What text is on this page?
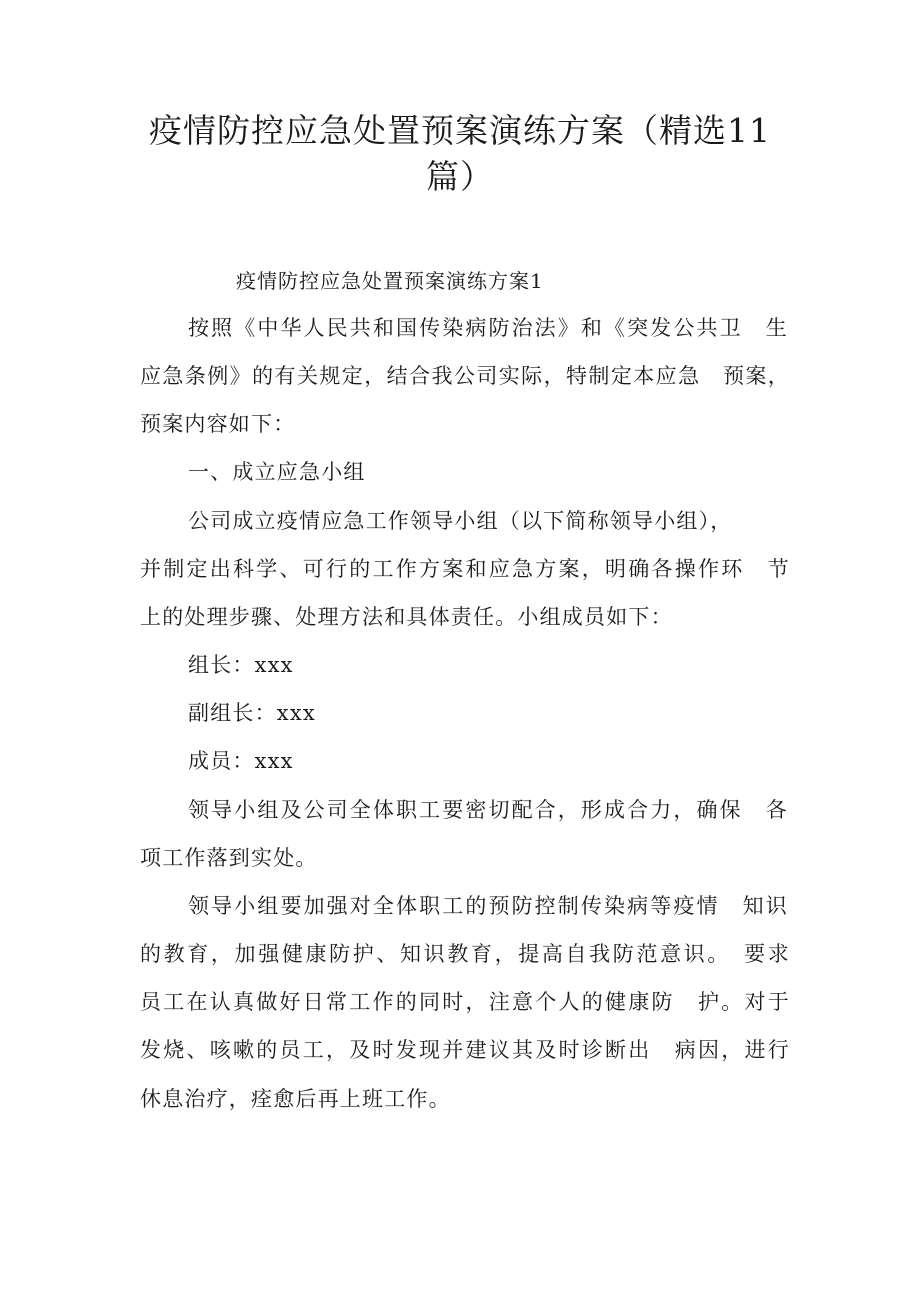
疫情防控应急处置预案演练方案（精选11
篇）
疫情防控应急处置预案演练方案1
按照《中华人民共和国传染病防治法》和《突发公共卫　生
应急条例》的有关规定，结合我公司实际，特制定本应急　预案，
预案内容如下：
一、成立应急小组
公司成立疫情应急工作领导小组（以下简称领导小组），
并制定出科学、可行的工作方案和应急方案，明确各操作环　节
上的处理步骤、处理方法和具体责任。小组成员如下：
组长：xxx
副组长：xxx
成员：xxx
领导小组及公司全体职工要密切配合，形成合力，确保　各
项工作落到实处。
领导小组要加强对全体职工的预防控制传染病等疫情　知识
的教育，加强健康防护、知识教育，提高自我防范意识。　要求
员工在认真做好日常工作的同时，注意个人的健康防　护。对于
发烧、咳嗽的员工，及时发现并建议其及时诊断出　病因，进行
休息治疗，痊愈后再上班工作。
